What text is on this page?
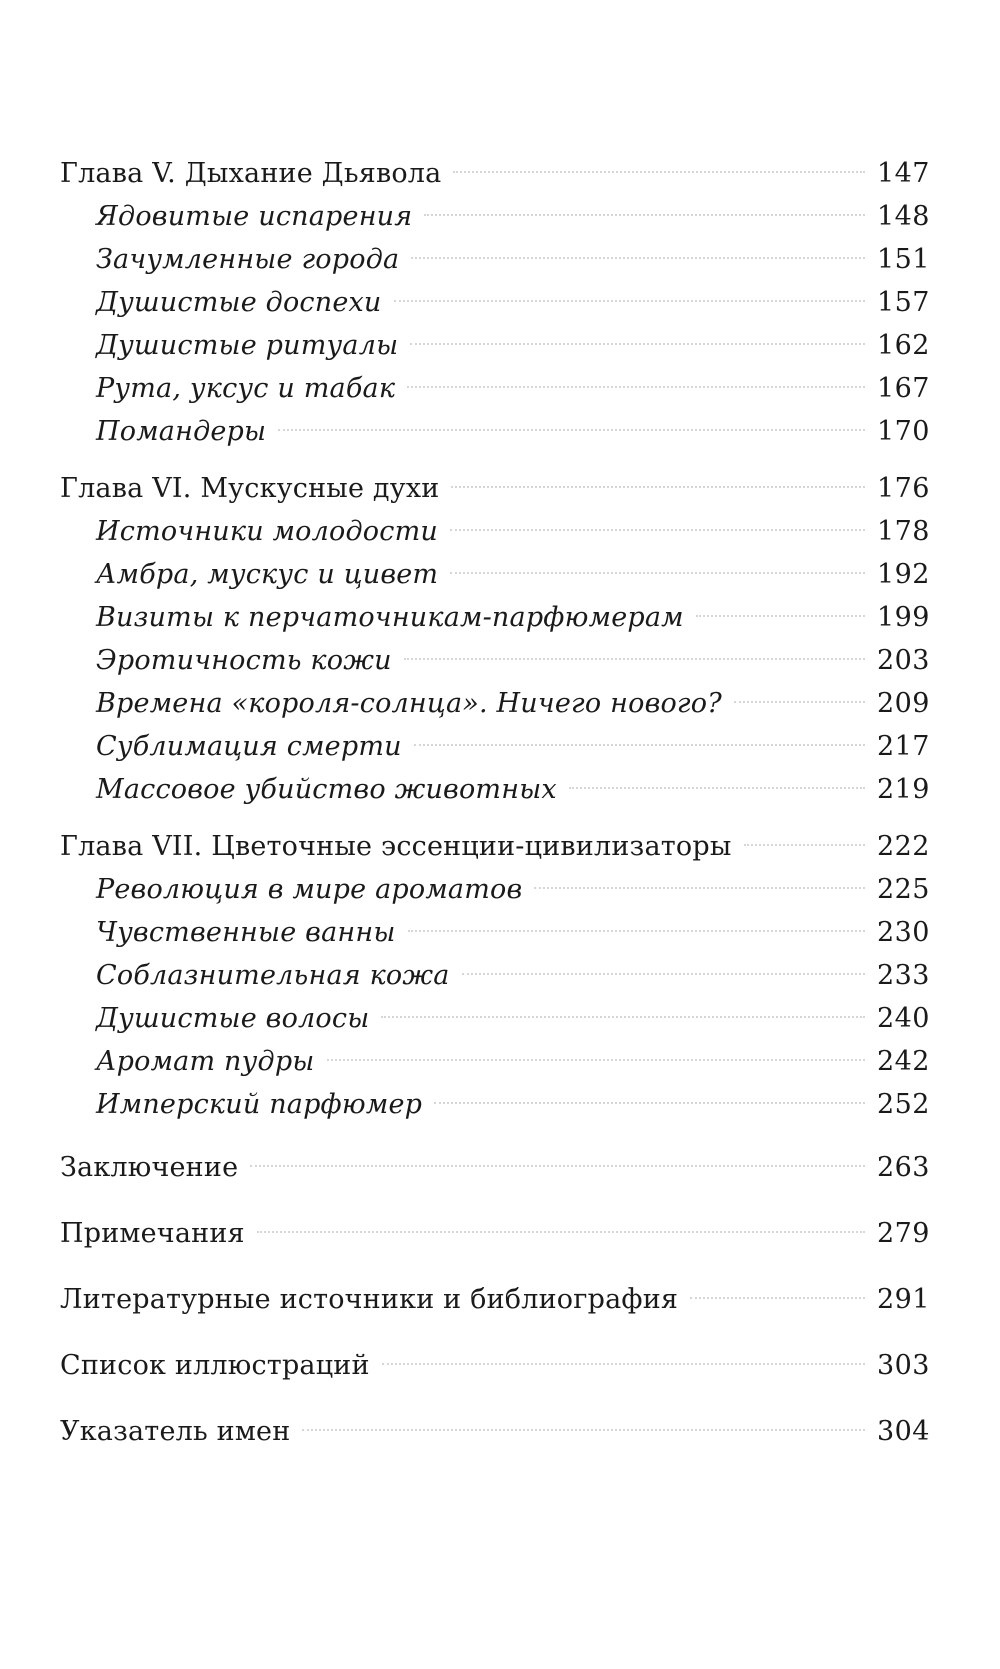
Глава V. Дыхание Дьявола	147
Ядовитые испарения	148
Зачумленные города	151
Душистые доспехи	157
Душистые ритуалы	162
Рута, уксус и табак	167
Помандеры	170
Глава VI. Мускусные духи	176
Источники молодости	178
Амбра, мускус и цивет	192
Визиты к перчаточникам-парфюмерам	199
Эротичность кожи	203
Времена «короля-солнца». Ничего нового?	209
Сублимация смерти	217
Массовое убийство животных	219
Глава VII. Цветочные эссенции-цивилизаторы	222
Революция в мире ароматов	225
Чувственные ванны	230
Соблазнительная кожа	233
Душистые волосы	240
Аромат пудры	242
Имперский парфюмер	252
Заключение	263
Примечания	279
Литературные источники и библиография	291
Список иллюстраций	303
Указатель имен	304
